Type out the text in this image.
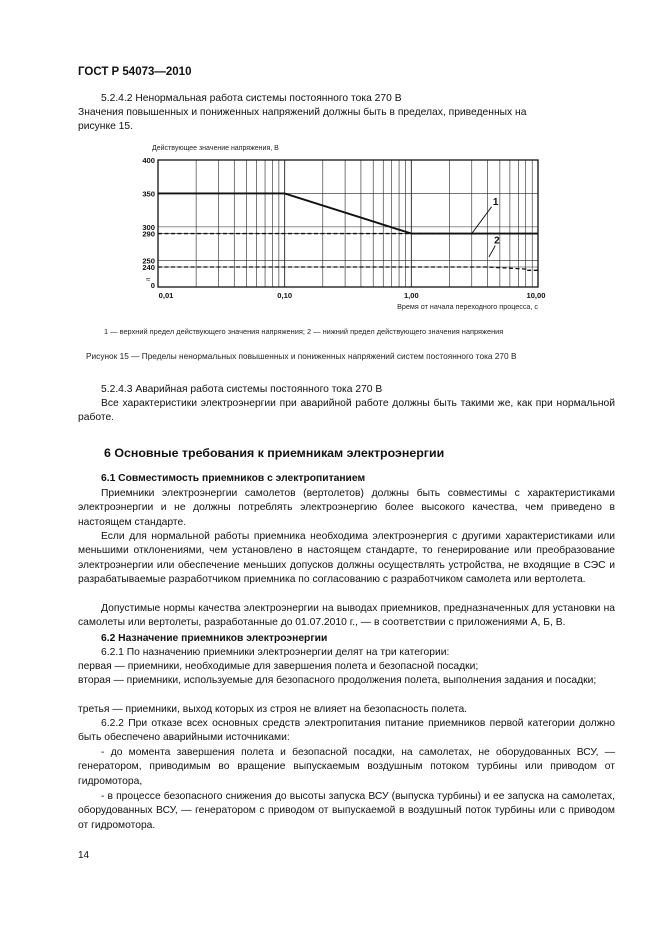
ГОСТ Р 54073—2010
5.2.4.2 Ненормальная работа системы постоянного тока 270 В
Значения повышенных и пониженных напряжений должны быть в пределах, приведенных на
рисунке 15.
Действующее значение напряжения, В
400
350
300
290
250
240
0
≈
0,01	0,10	1,00	10,00
Время от начала переходного процесса, с
1
2
1 — верхний предел действующего значения напряжения; 2 — нижний предел действующего значения напряжения
Рисунок 15 — Пределы ненормальных повышенных и пониженных напряжений систем постоянного тока 270 В
5.2.4.3 Аварийная работа системы постоянного тока 270 В
Все характеристики электроэнергии при аварийной работе должны быть такими же, как при нормальной работе.
6 Основные требования к приемникам электроэнергии
6.1 Совместимость приемников с электропитанием
Приемники электроэнергии самолетов (вертолетов) должны быть совместимы с характеристиками электроэнергии и не должны потреблять электроэнергию более высокого качества, чем приведено в настоящем стандарте.
Если для нормальной работы приемника необходима электроэнергия с другими характеристиками или меньшими отклонениями, чем установлено в настоящем стандарте, то генерирование или преобразование электроэнергии или обеспечение меньших допусков должны осуществлять устройства, не входящие в СЭС и разрабатываемые разработчиком приемника по согласованию с разработчиком самолета или вертолета.
Допустимые нормы качества электроэнергии на выводах приемников, предназначенных для установки на самолеты или вертолеты, разработанные до 01.07.2010 г., — в соответствии с приложениями А, Б, В.
6.2 Назначение приемников электроэнергии
6.2.1 По назначению приемники электроэнергии делят на три категории:
первая — приемники, необходимые для завершения полета и безопасной посадки;
вторая — приемники, используемые для безопасного продолжения полета, выполнения задания и посадки;
третья — приемники, выход которых из строя не влияет на безопасность полета.
6.2.2 При отказе всех основных средств электропитания питание приемников первой категории должно быть обеспечено аварийными источниками:
- до момента завершения полета и безопасной посадки, на самолетах, не оборудованных ВСУ, — генератором, приводимым во вращение выпускаемым воздушным потоком турбины или приводом от гидромотора,
- в процессе безопасного снижения до высоты запуска ВСУ (выпуска турбины) и ее запуска на самолетах, оборудованных ВСУ, — генератором с приводом от выпускаемой в воздушный поток турбины или с приводом от гидромотора.
14
